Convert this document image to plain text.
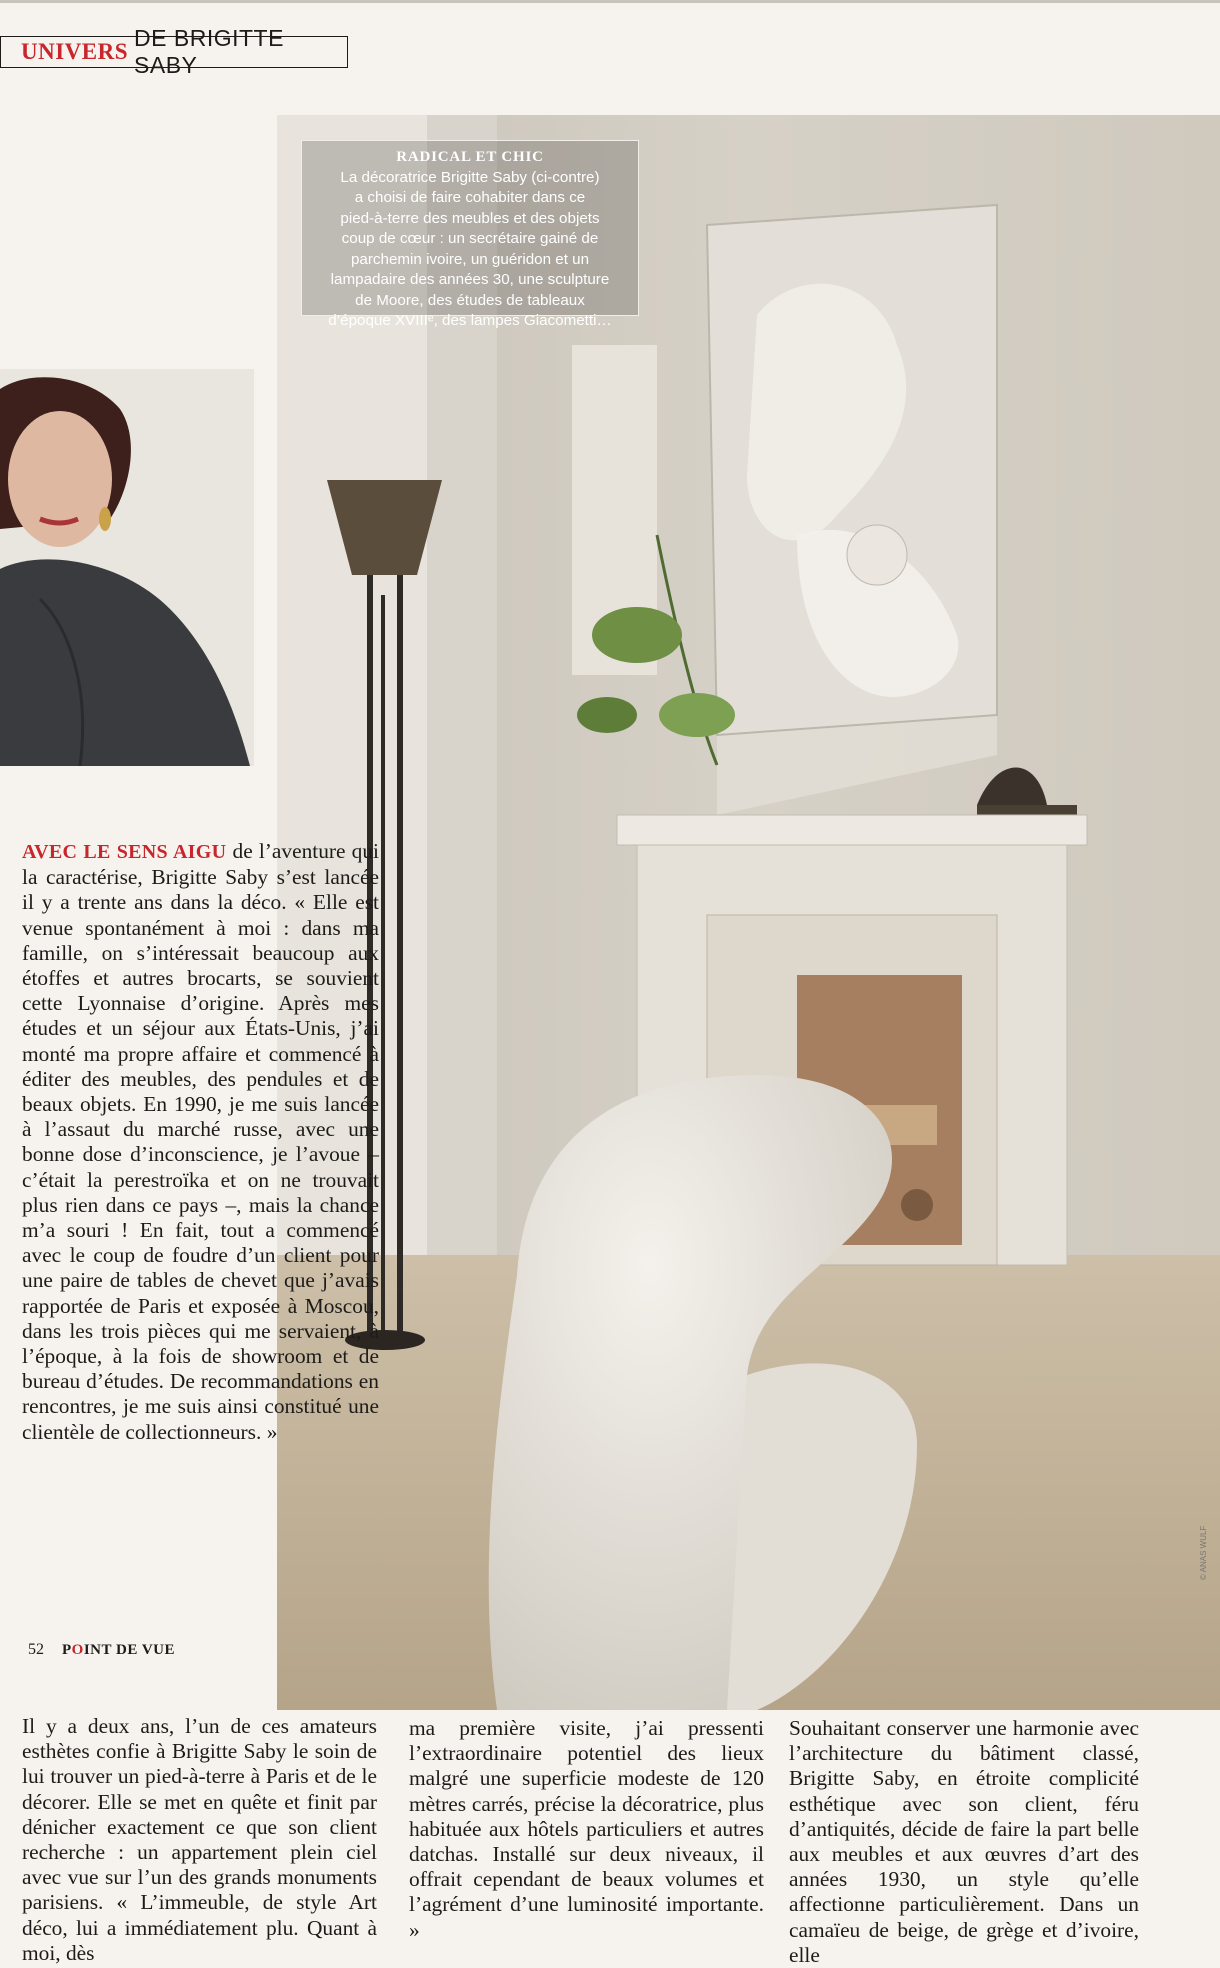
UNIVERS
DE BRIGITTE SABY
RADICAL ET CHIC
La décoratrice Brigitte Saby (ci-contre)
a choisi de faire cohabiter dans ce
pied-à-terre des meubles et des objets
coup de cœur : un secrétaire gainé de
parchemin ivoire, un guéridon et un
lampadaire des années 30, une sculpture
de Moore, des études de tableaux
d’époque XVIIIᵉ, des lampes Giacometti…

AVEC LE SENS AIGU de l’aventure qui la caractérise, Brigitte Saby s’est lancée il y a trente ans dans la déco. « Elle est venue spontanément à moi : dans ma famille, on s’intéressait beaucoup aux étoffes et autres brocarts, se souvient cette Lyonnaise d’origine. Après mes études et un séjour aux États-Unis, j’ai monté ma propre affaire et commencé à éditer des meubles, des pendules et de beaux objets. En 1990, je me suis lancée à l’assaut du marché russe, avec une bonne dose d’inconscience, je l’avoue – c’était la perestroïka et on ne trouvait plus rien dans ce pays –, mais la chance m’a souri ! En fait, tout a commencé avec le coup de foudre d’un client pour une paire de tables de chevet que j’avais rapportée de Paris et exposée à Moscou, dans les trois pièces qui me servaient, à l’époque, à la fois de showroom et de bureau d’études. De recommandations en rencontres, je me suis ainsi constitué une clientèle de collectionneurs. »

Il y a deux ans, l’un de ces amateurs esthètes confie à Brigitte Saby le soin de lui trouver un pied-à-terre à Paris et de le décorer. Elle se met en quête et finit par dénicher exactement ce que son client recherche : un appartement plein ciel avec vue sur l’un des grands monuments parisiens. « L’immeuble, de style Art déco, lui a immédiatement plu. Quant à moi, dès

ma première visite, j’ai pressenti l’extraordinaire potentiel des lieux malgré une superficie modeste de 120 mètres carrés, précise la décoratrice, plus habituée aux hôtels particuliers et autres datchas. Installé sur deux niveaux, il offrait cependant de beaux volumes et l’agrément d’une luminosité importante. »

Souhaitant conserver une harmonie avec l’architecture du bâtiment classé, Brigitte Saby, en étroite complicité esthétique avec son client, féru d’antiquités, décide de faire la part belle aux meubles et aux œuvres d’art des années 1930, un style qu’elle affectionne particulièrement. Dans un camaïeu de beige, de grège et d’ivoire, elle

© ANAS WULF
52 POINT DE VUE
